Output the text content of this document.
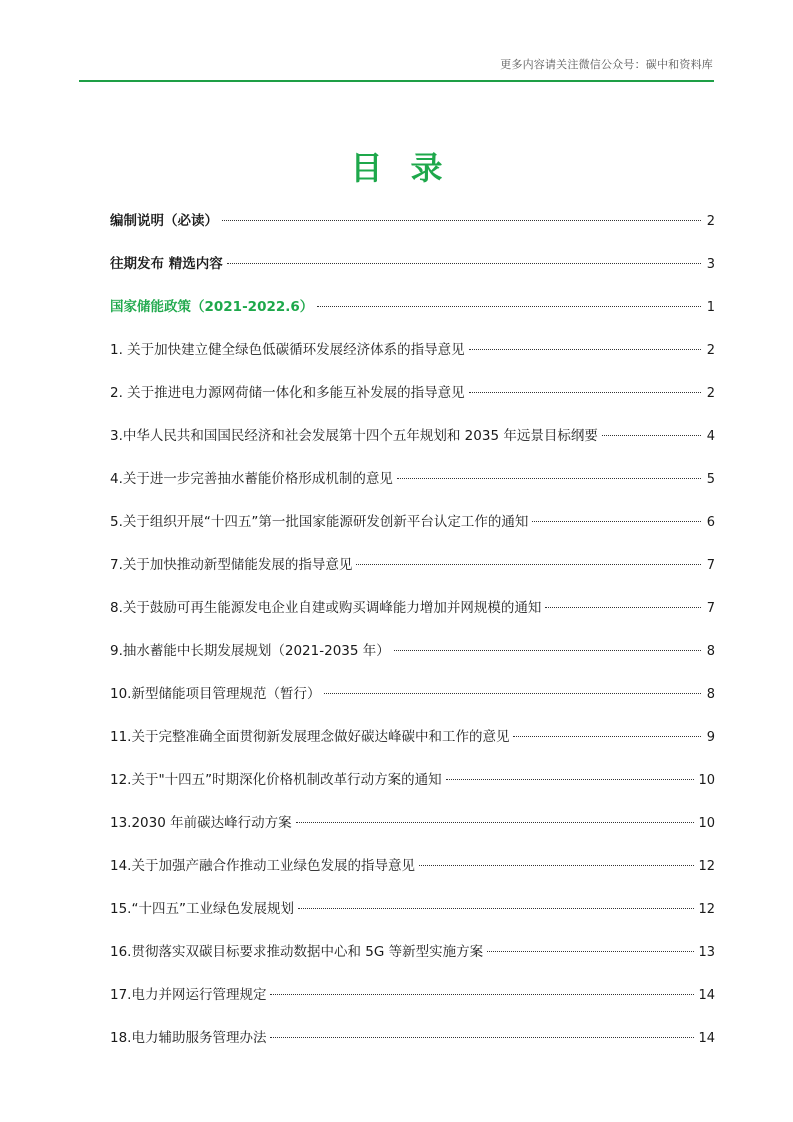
更多内容请关注微信公众号：碳中和资料库
目录
编制说明（必读）	2
往期发布 精选内容	3
国家储能政策（2021-2022.6）	1
1. 关于加快建立健全绿色低碳循环发展经济体系的指导意见	2
2. 关于推进电力源网荷储一体化和多能互补发展的指导意见	2
3.中华人民共和国国民经济和社会发展第十四个五年规划和 2035 年远景目标纲要	4
4.关于进一步完善抽水蓄能价格形成机制的意见	5
5.关于组织开展“十四五”第一批国家能源研发创新平台认定工作的通知	6
7.关于加快推动新型储能发展的指导意见	7
8.关于鼓励可再生能源发电企业自建或购买调峰能力增加并网规模的通知	7
9.抽水蓄能中长期发展规划（2021-2035 年）	8
10.新型储能项目管理规范（暂行）	8
11.关于完整准确全面贯彻新发展理念做好碳达峰碳中和工作的意见	9
12.关于"十四五”时期深化价格机制改革行动方案的通知	10
13.2030 年前碳达峰行动方案	10
14.关于加强产融合作推动工业绿色发展的指导意见	12
15.“十四五”工业绿色发展规划	12
16.贯彻落实双碳目标要求推动数据中心和 5G 等新型实施方案	13
17.电力并网运行管理规定	14
18.电力辅助服务管理办法	14
